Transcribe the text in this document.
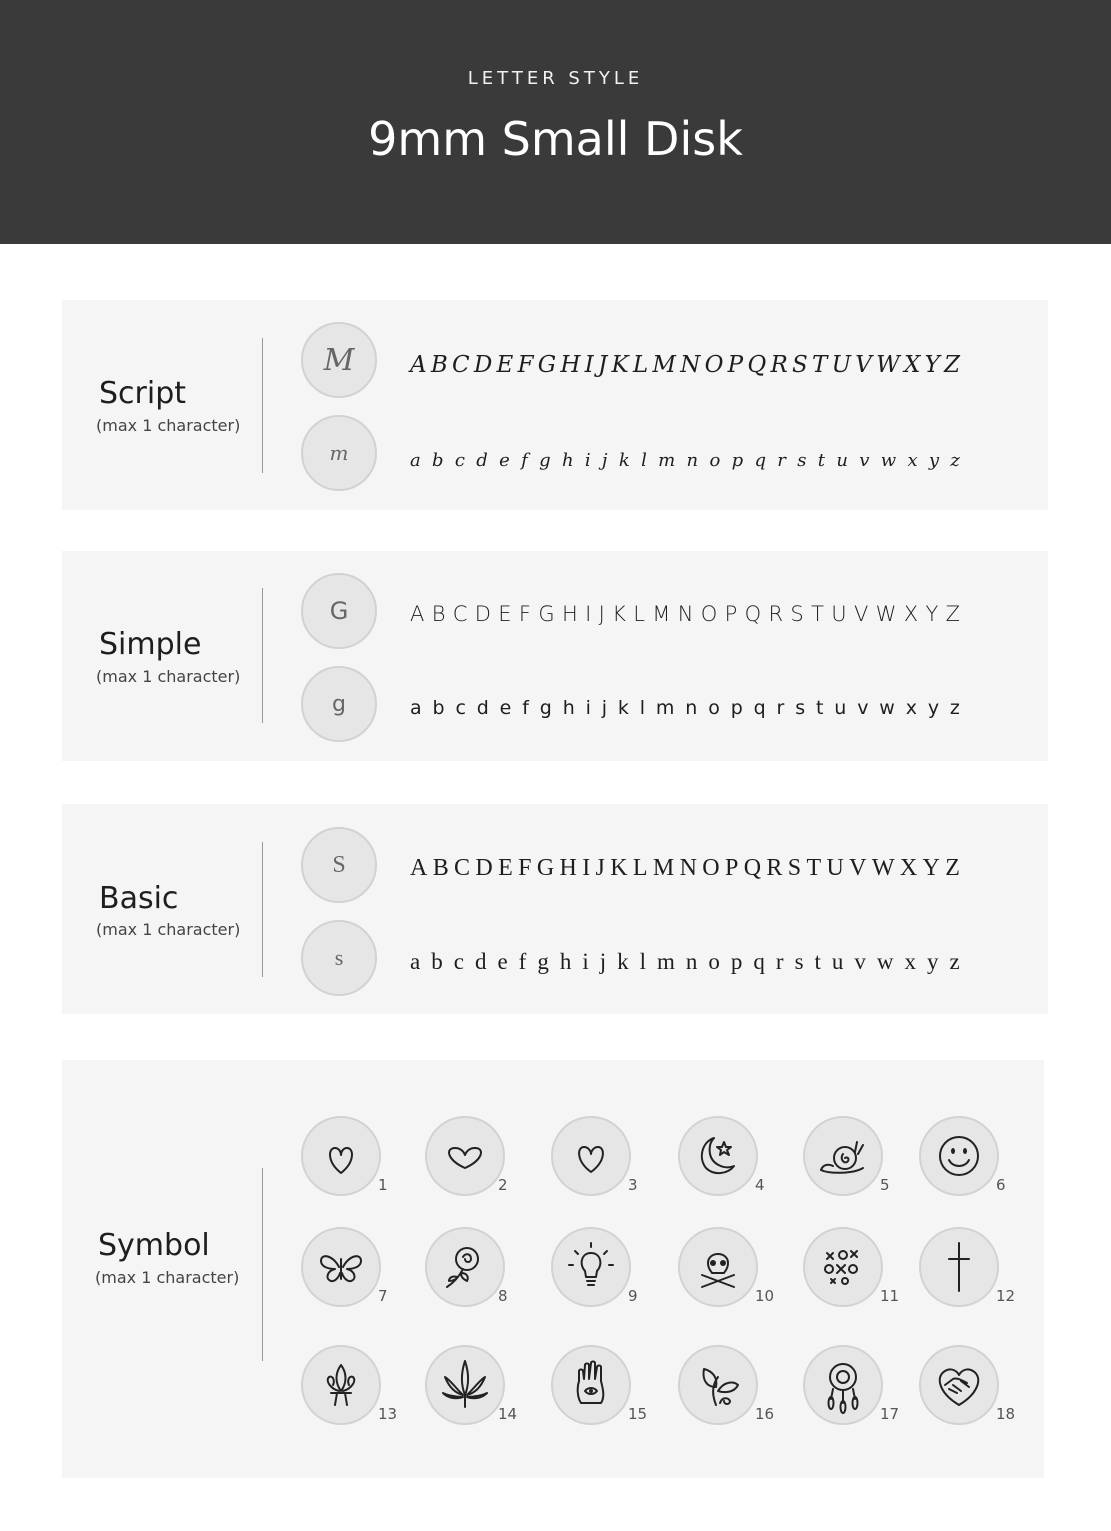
LETTER STYLE
9mm Small Disk
Script
(max 1 character)
M
m
A B C D E F G H I J K L M N O P Q R S T U V W X Y Z
a b c d e f g h i j k l m n o p q r s t u v w x y z
Simple
(max 1 character)
G
g
A B C D E F G H I J K L M N O P Q R S T U V W X Y Z
a b c d e f g h i j k l m n o p q r s t u v w x y z
Basic
(max 1 character)
S
s
A B C D E F G H I J K L M N O P Q R S T U V W X Y Z
a b c d e f g h i j k l m n o p q r s t u v w x y z
Symbol
(max 1 character)
1	2	3	4	5	6
7	8	9	10	11	12
13	14	15	16	17	18
